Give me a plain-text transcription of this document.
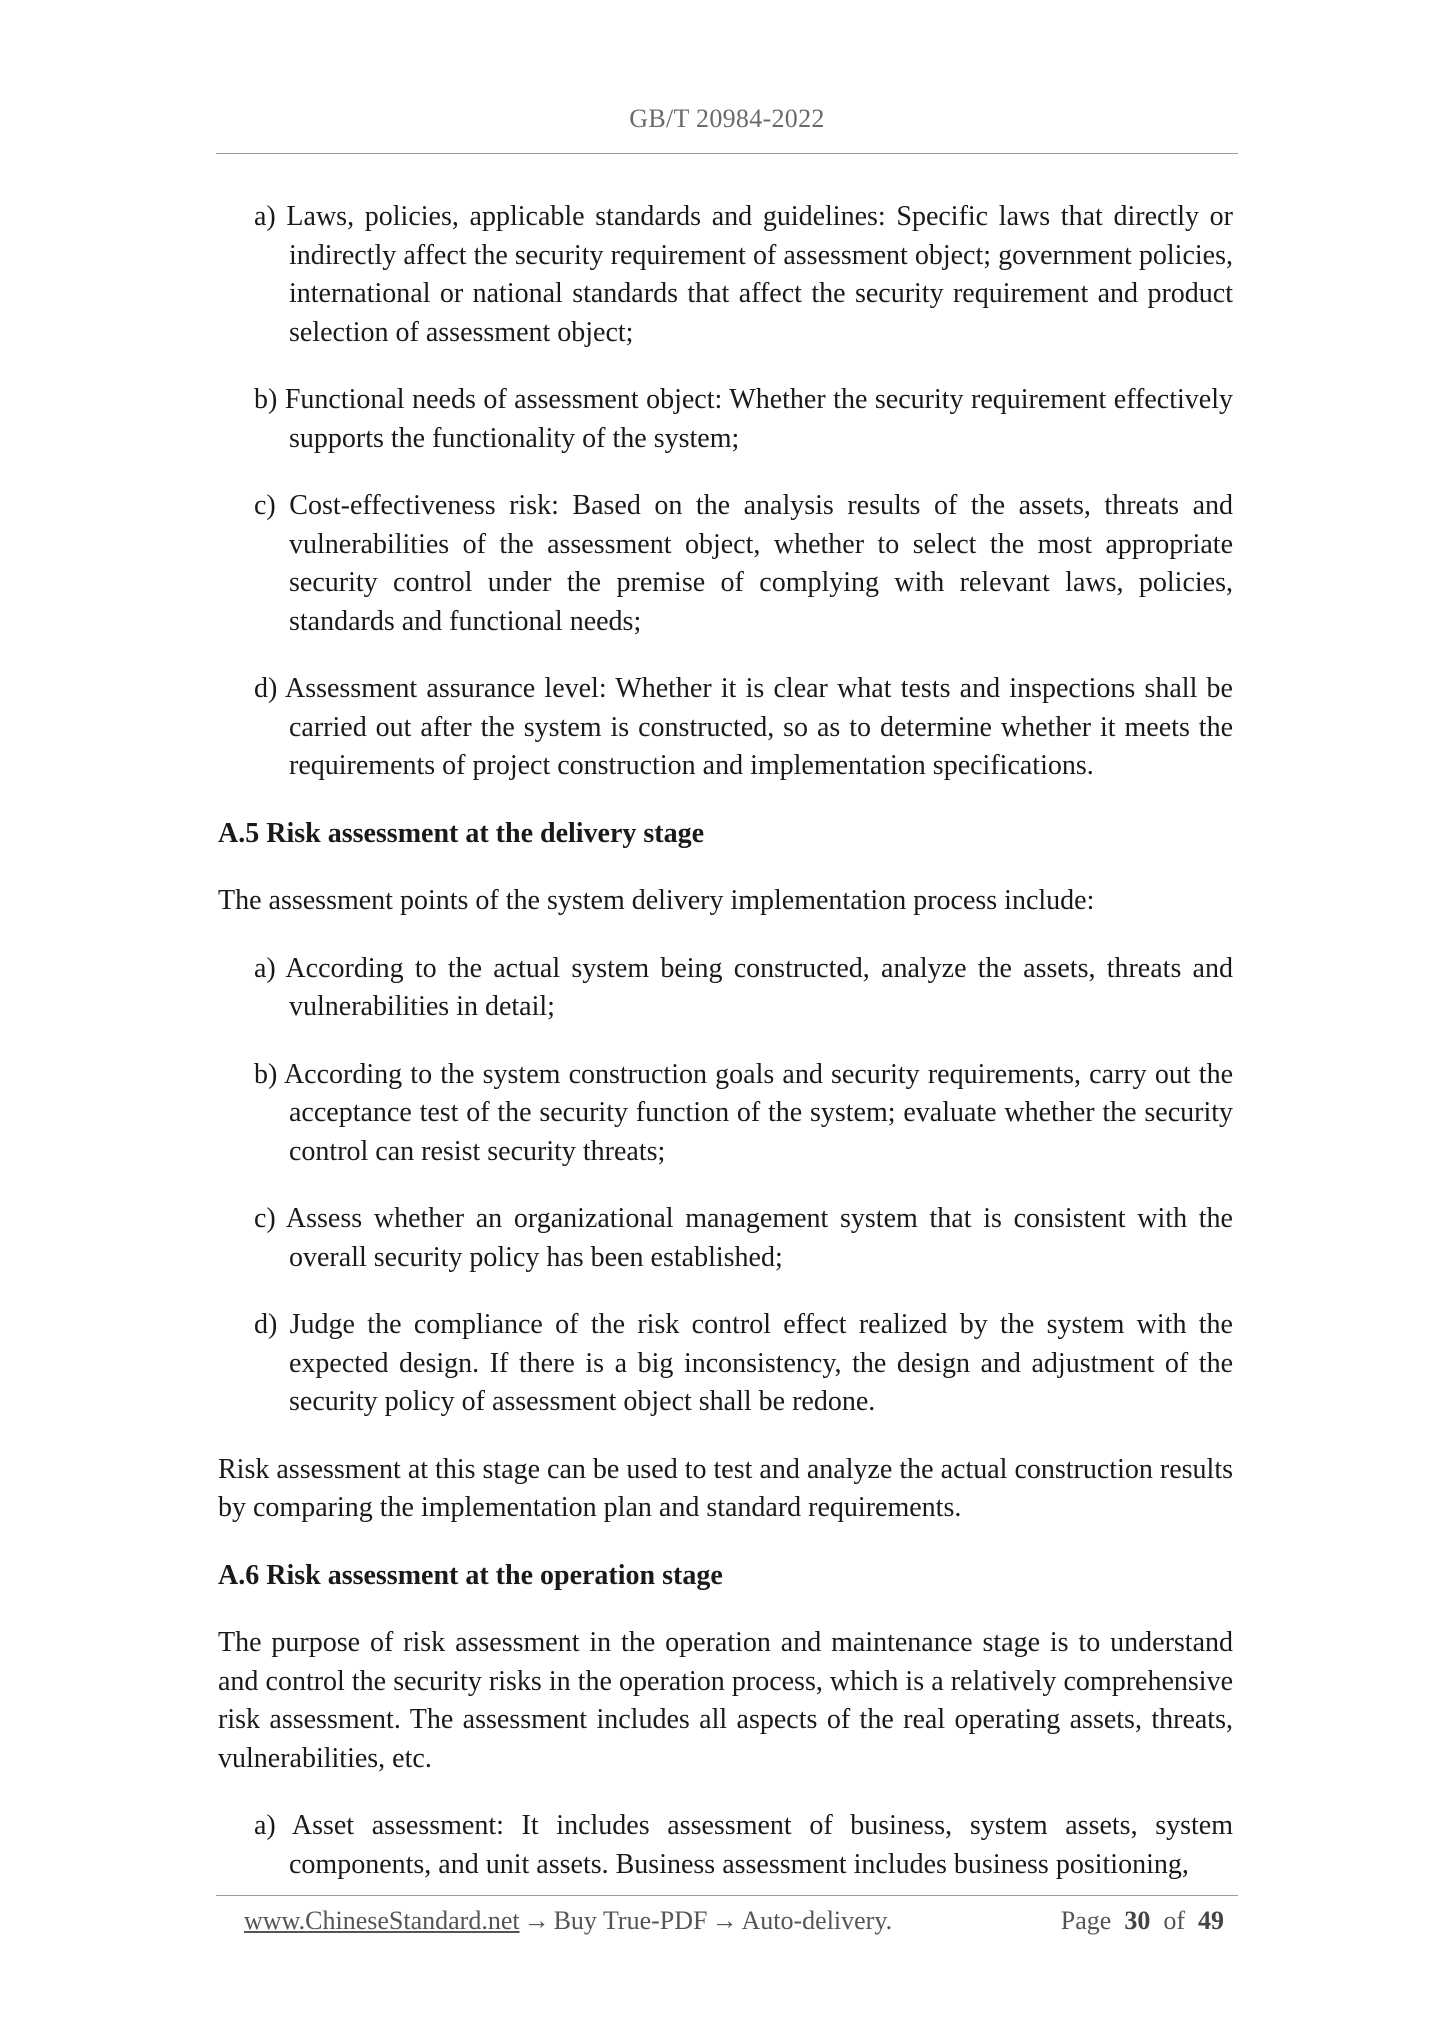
GB/T 20984-2022
a) Laws, policies, applicable standards and guidelines: Specific laws that directly or indirectly affect the security requirement of assessment object; government policies, international or national standards that affect the security requirement and product selection of assessment object;
b) Functional needs of assessment object: Whether the security requirement effectively supports the functionality of the system;
c) Cost-effectiveness risk: Based on the analysis results of the assets, threats and vulnerabilities of the assessment object, whether to select the most appropriate security control under the premise of complying with relevant laws, policies, standards and functional needs;
d) Assessment assurance level: Whether it is clear what tests and inspections shall be carried out after the system is constructed, so as to determine whether it meets the requirements of project construction and implementation specifications.
A.5 Risk assessment at the delivery stage
The assessment points of the system delivery implementation process include:
a) According to the actual system being constructed, analyze the assets, threats and vulnerabilities in detail;
b) According to the system construction goals and security requirements, carry out the acceptance test of the security function of the system; evaluate whether the security control can resist security threats;
c) Assess whether an organizational management system that is consistent with the overall security policy has been established;
d) Judge the compliance of the risk control effect realized by the system with the expected design. If there is a big inconsistency, the design and adjustment of the security policy of assessment object shall be redone.
Risk assessment at this stage can be used to test and analyze the actual construction results by comparing the implementation plan and standard requirements.
A.6 Risk assessment at the operation stage
The purpose of risk assessment in the operation and maintenance stage is to understand and control the security risks in the operation process, which is a relatively comprehensive risk assessment. The assessment includes all aspects of the real operating assets, threats, vulnerabilities, etc.
a) Asset assessment: It includes assessment of business, system assets, system components, and unit assets. Business assessment includes business positioning,
www.ChineseStandard.net → Buy True-PDF → Auto-delivery.	Page 30 of 49
